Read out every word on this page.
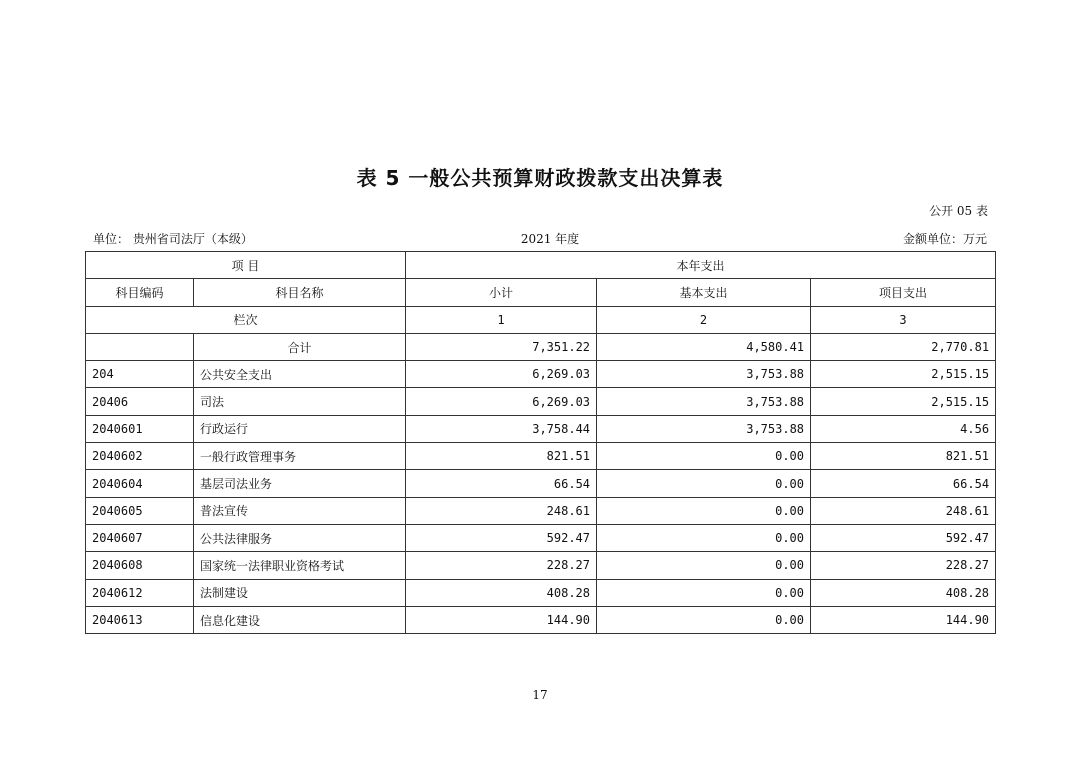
表 5 一般公共预算财政拨款支出决算表
公开 05 表
单位： 贵州省司法厅（本级）	2021 年度	金额单位：万元
项 目		本年支出		
科目编码	科目名称	小计	基本支出	项目支出
栏次		1	2	3
	合计	7,351.22	4,580.41	2,770.81
204	公共安全支出	6,269.03	3,753.88	2,515.15
20406	司法	6,269.03	3,753.88	2,515.15
2040601	行政运行	3,758.44	3,753.88	4.56
2040602	一般行政管理事务	821.51	0.00	821.51
2040604	基层司法业务	66.54	0.00	66.54
2040605	普法宣传	248.61	0.00	248.61
2040607	公共法律服务	592.47	0.00	592.47
2040608	国家统一法律职业资格考试	228.27	0.00	228.27
2040612	法制建设	408.28	0.00	408.28
2040613	信息化建设	144.90	0.00	144.90
17
